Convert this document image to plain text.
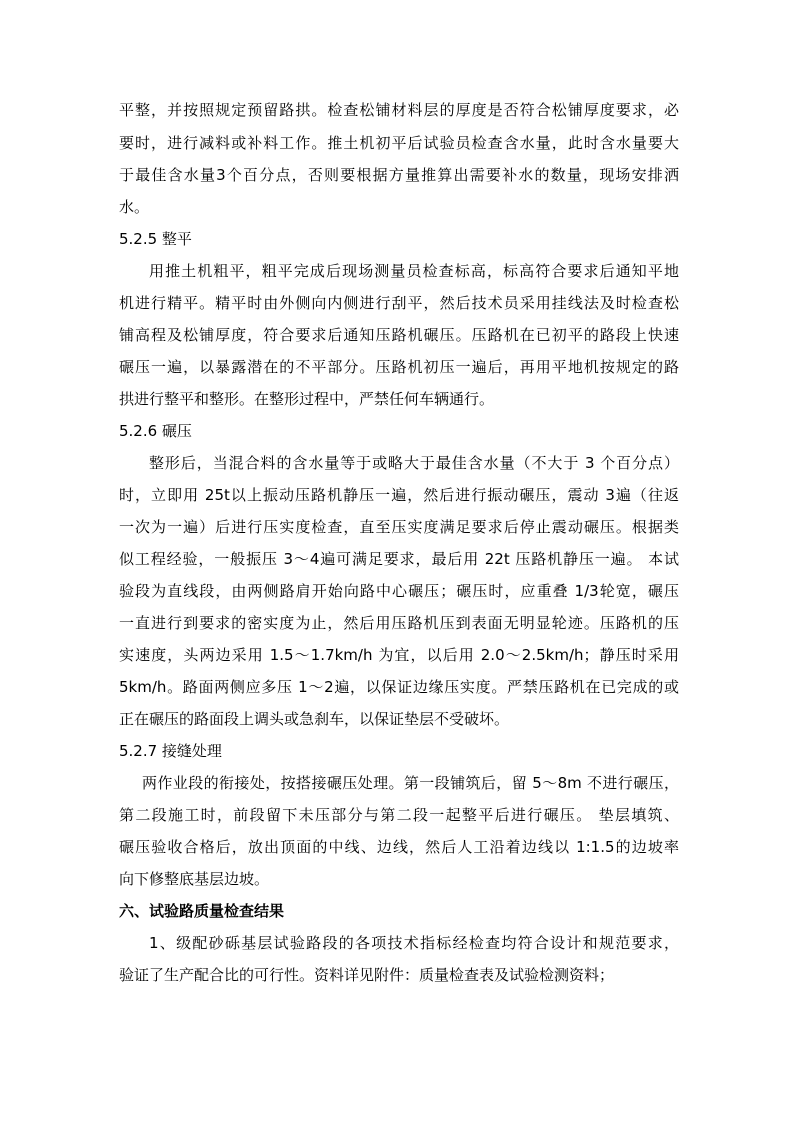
平整，并按照规定预留路拱。检查松铺材料层的厚度是否符合松铺厚度要求，必
要时，进行减料或补料工作。推土机初平后试验员检查含水量，此时含水量要大
于最佳含水量3个百分点，否则要根据方量推算出需要补水的数量，现场安排洒
水。
5.2.5 整平
用推土机粗平，粗平完成后现场测量员检查标高，标高符合要求后通知平地
机进行精平。精平时由外侧向内侧进行刮平，然后技术员采用挂线法及时检查松
铺高程及松铺厚度，符合要求后通知压路机碾压。压路机在已初平的路段上快速
碾压一遍，以暴露潜在的不平部分。压路机初压一遍后，再用平地机按规定的路
拱进行整平和整形。在整形过程中，严禁任何车辆通行。
5.2.6 碾压
整形后，当混合料的含水量等于或略大于最佳含水量（不大于 3 个百分点）
时，立即用 25t以上振动压路机静压一遍，然后进行振动碾压，震动 3遍（往返
一次为一遍）后进行压实度检查，直至压实度满足要求后停止震动碾压。根据类
似工程经验，一般振压 3～4遍可满足要求，最后用 22t 压路机静压一遍。 本试
验段为直线段，由两侧路肩开始向路中心碾压；碾压时，应重叠 1/3轮宽，碾压
一直进行到要求的密实度为止，然后用压路机压到表面无明显轮迹。压路机的压
实速度，头两边采用 1.5～1.7km/h 为宜，以后用 2.0～2.5km/h；静压时采用
5km/h。路面两侧应多压 1～2遍，以保证边缘压实度。严禁压路机在已完成的或
正在碾压的路面段上调头或急刹车，以保证垫层不受破坏。
5.2.7 接缝处理
两作业段的衔接处，按搭接碾压处理。第一段铺筑后，留 5～8m 不进行碾压，
第二段施工时，前段留下未压部分与第二段一起整平后进行碾压。 垫层填筑、
碾压验收合格后，放出顶面的中线、边线，然后人工沿着边线以 1:1.5的边坡率
向下修整底基层边坡。
六、试验路质量检查结果
1、级配砂砾基层试验路段的各项技术指标经检查均符合设计和规范要求，
验证了生产配合比的可行性。资料详见附件：质量检查表及试验检测资料；
